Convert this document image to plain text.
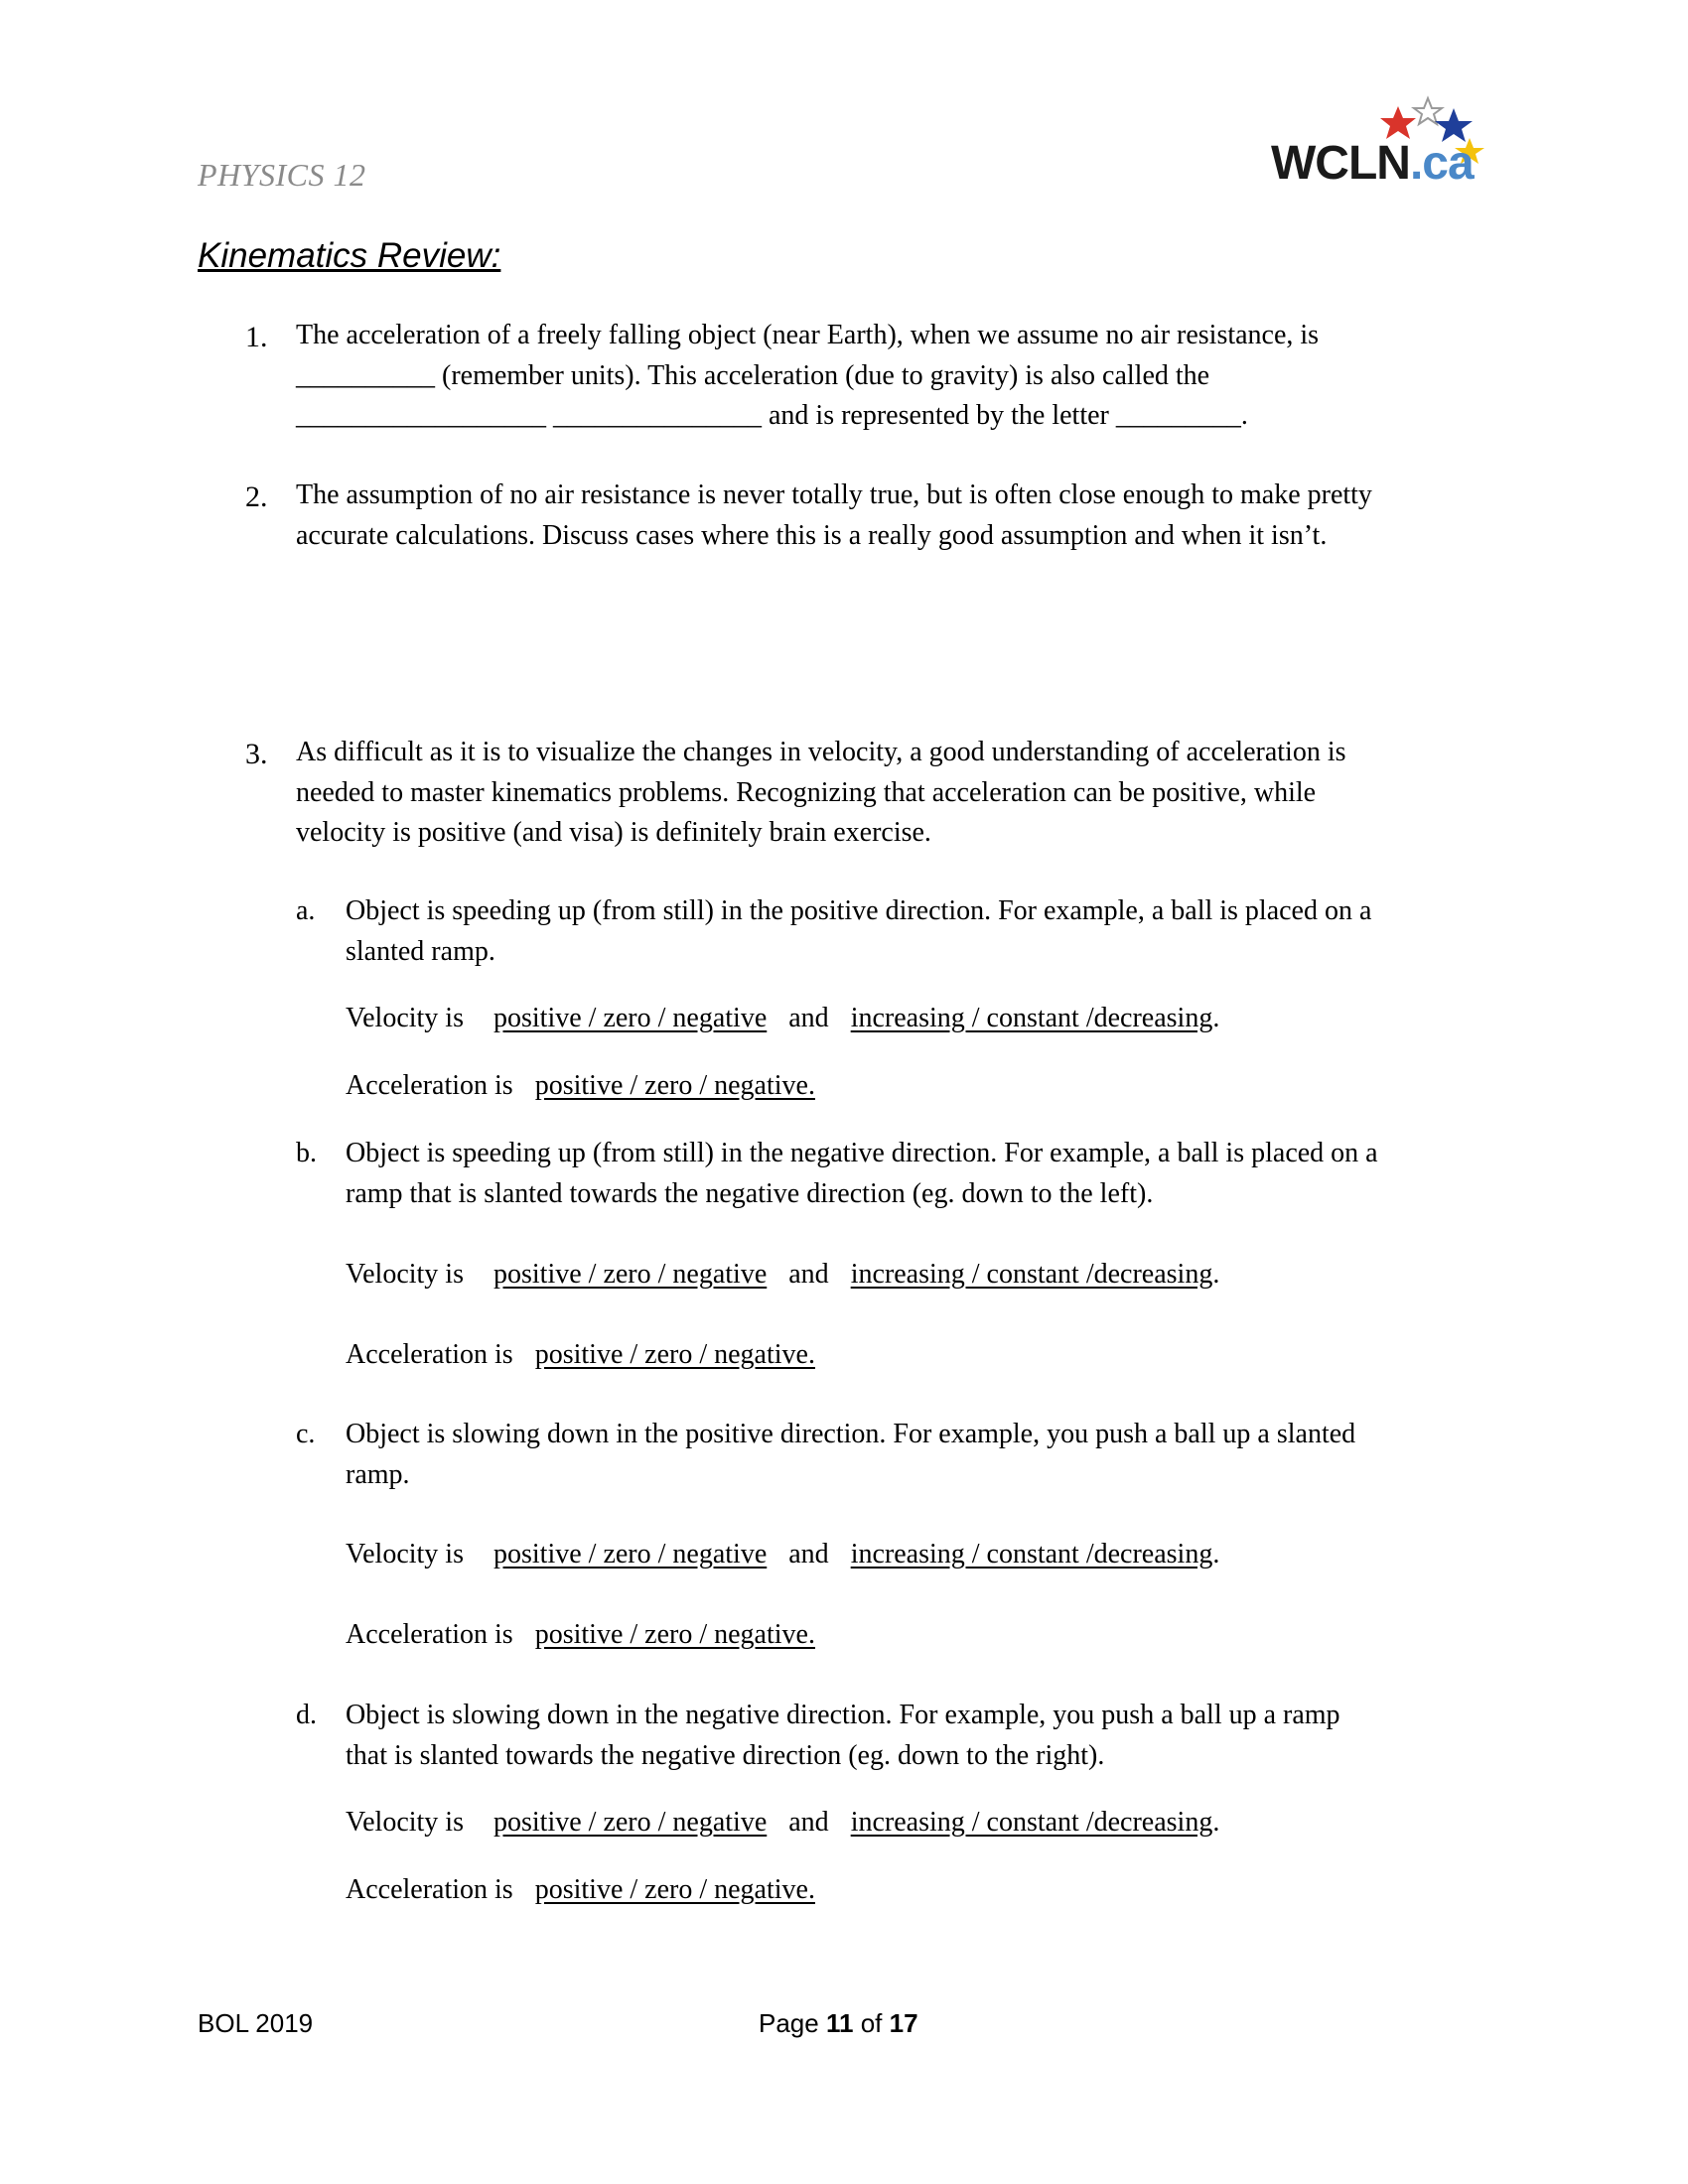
PHYSICS 12	WCLN.ca
Kinematics Review:
1. The acceleration of a freely falling object (near Earth), when we assume no air resistance, is
__________ (remember units). This acceleration (due to gravity) is also called the
__________________ _______________ and is represented by the letter _________.
2. The assumption of no air resistance is never totally true, but is often close enough to make pretty
accurate calculations. Discuss cases where this is a really good assumption and when it isn’t.
3. As difficult as it is to visualize the changes in velocity, a good understanding of acceleration is
needed to master kinematics problems. Recognizing that acceleration can be positive, while
velocity is positive (and visa) is definitely brain exercise.
a. Object is speeding up (from still) in the positive direction. For example, a ball is placed on a
slanted ramp.
Velocity is positive / zero / negative and increasing / constant /decreasing.
Acceleration is positive / zero / negative.
b. Object is speeding up (from still) in the negative direction. For example, a ball is placed on a
ramp that is slanted towards the negative direction (eg. down to the left).
Velocity is positive / zero / negative and increasing / constant /decreasing.
Acceleration is positive / zero / negative.
c. Object is slowing down in the positive direction. For example, you push a ball up a slanted
ramp.
Velocity is positive / zero / negative and increasing / constant /decreasing.
Acceleration is positive / zero / negative.
d. Object is slowing down in the negative direction. For example, you push a ball up a ramp
that is slanted towards the negative direction (eg. down to the right).
Velocity is positive / zero / negative and increasing / constant /decreasing.
Acceleration is positive / zero / negative.
BOL 2019	Page 11 of 17
